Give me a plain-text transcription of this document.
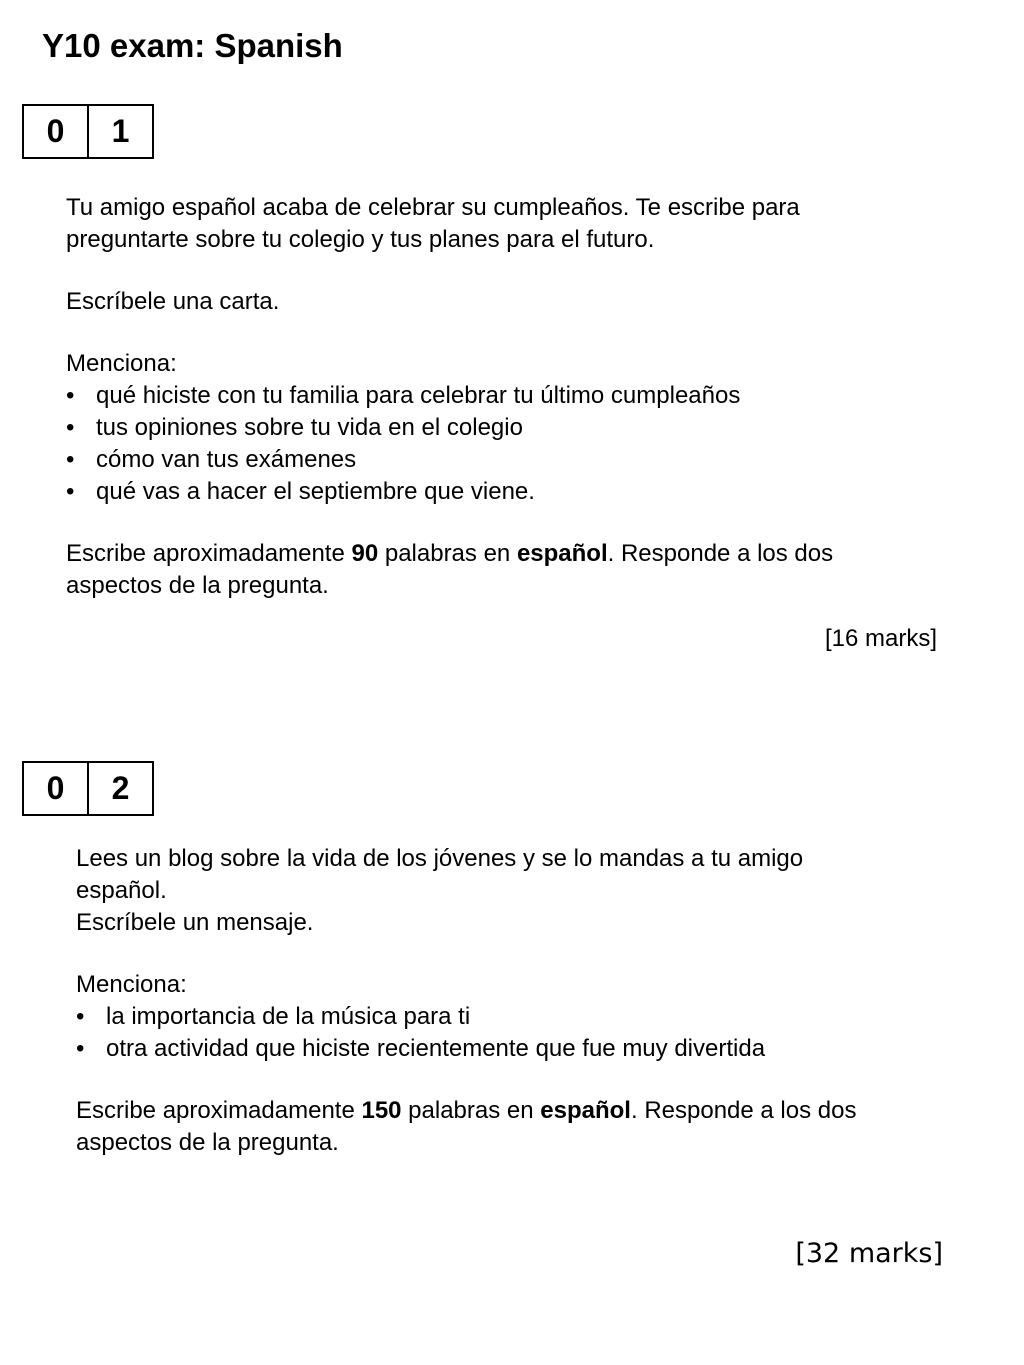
Y10 exam: Spanish
0	1

Tu amigo español acaba de celebrar su cumpleaños. Te escribe para

preguntarte sobre tu colegio y tus planes para el futuro.

Escríbele una carta.

Menciona:

• qué hiciste con tu familia para celebrar tu último cumpleaños
• tus opiniones sobre tu vida en el colegio
• cómo van tus exámenes
• qué vas a hacer el septiembre que viene.

Escribe aproximadamente 90 palabras en español. Responde a los dos

aspectos de la pregunta.

[16 marks]
0	2

Lees un blog sobre la vida de los jóvenes y se lo mandas a tu amigo

español.

Escríbele un mensaje.

Menciona:

• la importancia de la música para ti
• otra actividad que hiciste recientemente que fue muy divertida

Escribe aproximadamente 150 palabras en español. Responde a los dos

aspectos de la pregunta.

[32 marks]
